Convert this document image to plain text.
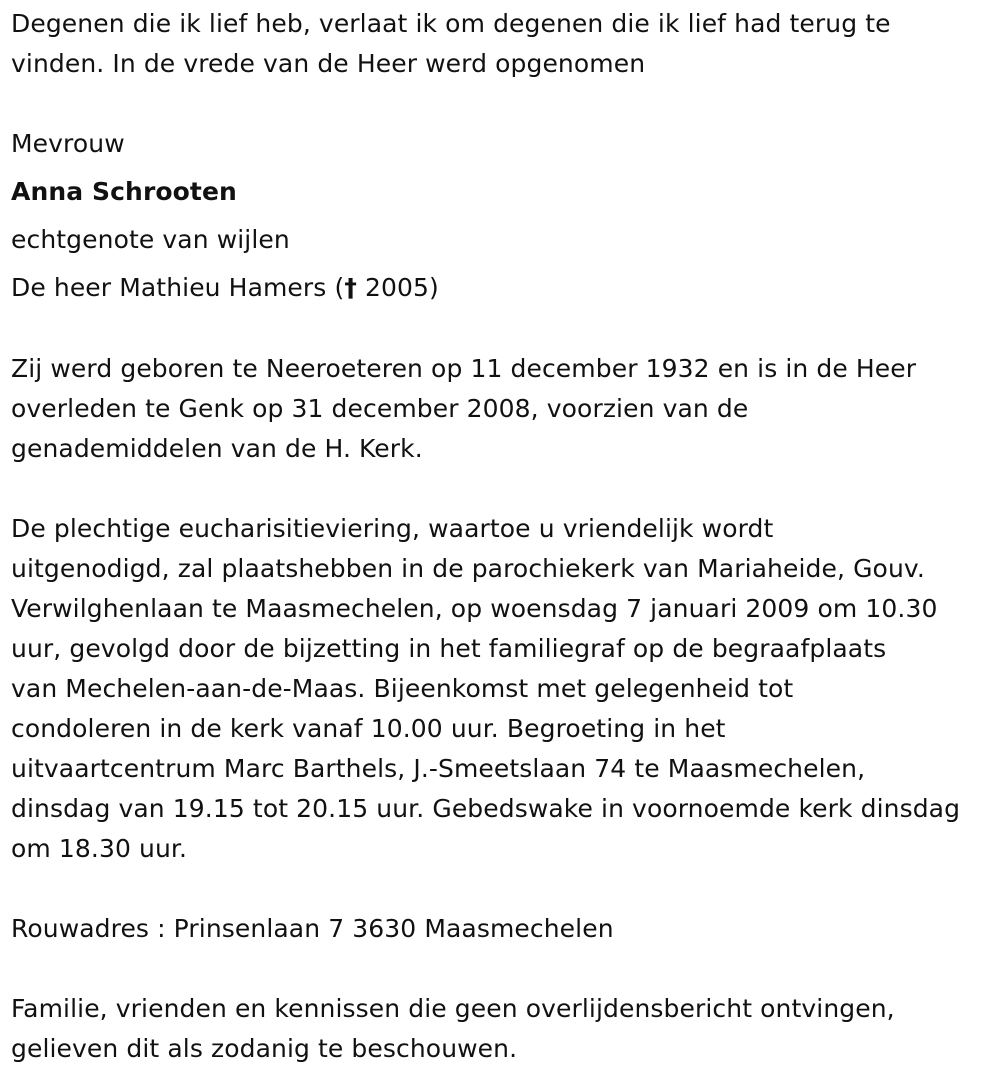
Degenen die ik lief heb, verlaat ik om degenen die ik lief had terug te
vinden. In de vrede van de Heer werd opgenomen
Mevrouw
Anna Schrooten
echtgenote van wijlen
De heer Mathieu Hamers († 2005)
Zij werd geboren te Neeroeteren op 11 december 1932 en is in de Heer
overleden te Genk op 31 december 2008, voorzien van de
genademiddelen van de H. Kerk.
De plechtige eucharisitieviering, waartoe u vriendelijk wordt
uitgenodigd, zal plaatshebben in de parochiekerk van Mariaheide, Gouv.
Verwilghenlaan te Maasmechelen, op woensdag 7 januari 2009 om 10.30
uur, gevolgd door de bijzetting in het familiegraf op de begraafplaats
van Mechelen-aan-de-Maas. Bijeenkomst met gelegenheid tot
condoleren in de kerk vanaf 10.00 uur. Begroeting in het
uitvaartcentrum Marc Barthels, J.-Smeetslaan 74 te Maasmechelen,
dinsdag van 19.15 tot 20.15 uur. Gebedswake in voornoemde kerk dinsdag
om 18.30 uur.
Rouwadres : Prinsenlaan 7 3630 Maasmechelen
Familie, vrienden en kennissen die geen overlijdensbericht ontvingen,
gelieven dit als zodanig te beschouwen.
